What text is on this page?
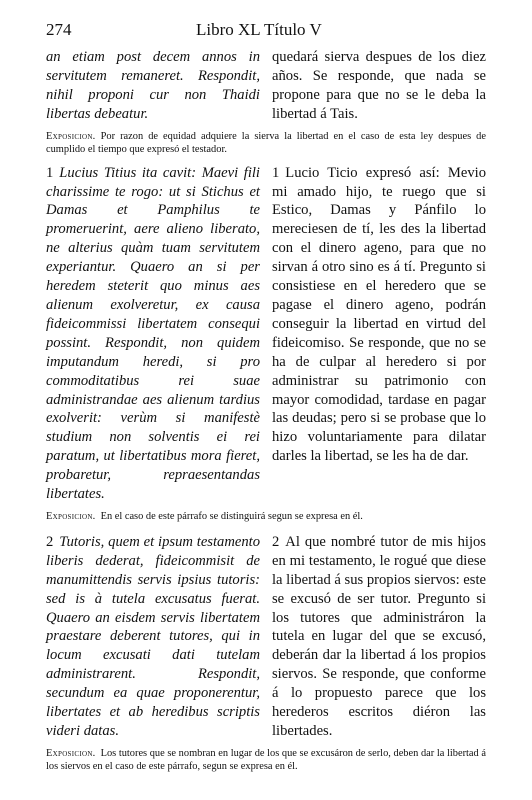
274	Libro XL Título V
an etiam post decem annos in servitutem remaneret. Respondit, nihil proponi cur non Thaidi libertas debeatur.
quedará sierva despues de los diez años. Se responde, que nada se propone para que no se le deba la libertad á Tais.
Exposicion. Por razon de equidad adquiere la sierva la libertad en el caso de esta ley despues de cumplido el tiempo que expresó el testador.
1 Lucius Titius ita cavit: Maevi fili charissime te rogo: ut si Stichus et Damas et Pamphilus te promeruerint, aere alieno liberato, ne alterius quàm tuam servitutem experiantur. Quaero an si per heredem steterit quo minus aes alienum exolveretur, ex causa fideicommissi libertatem consequi possint. Respondit, non quidem imputandum heredi, si pro commoditatibus rei suae administrandae aes alienum tardius exolverit: verùm si manifestè studium non solventis ei rei paratum, ut libertatibus mora fieret, probaretur, repraesentandas libertates.
1 Lucio Ticio expresó así: Mevio mi amado hijo, te ruego que si Estico, Damas y Pánfilo lo mereciesen de tí, les des la libertad con el dinero ageno, para que no sirvan á otro sino es á tí. Pregunto si consistiese en el heredero que se pagase el dinero ageno, podrán conseguir la libertad en virtud del fideicomiso. Se responde, que no se ha de culpar al heredero si por administrar su patrimonio con mayor comodidad, tardase en pagar las deudas; pero si se probase que lo hizo voluntariamente para dilatar darles la libertad, se les ha de dar.
Exposicion. En el caso de este párrafo se distinguirá segun se expresa en él.
2 Tutoris, quem et ipsum testamento liberis dederat, fideicommisit de manumittendis servis ipsius tutoris: sed is à tutela excusatus fuerat. Quaero an eisdem servis libertatem praestare deberent tutores, qui in locum excusati dati tutelam administrarent. Respondit, secundum ea quae proponerentur, libertates et ab heredibus scriptis videri datas.
2 Al que nombré tutor de mis hijos en mi testamento, le rogué que diese la libertad á sus propios siervos: este se excusó de ser tutor. Pregunto si los tutores que administráron la tutela en lugar del que se excusó, deberán dar la libertad á los propios siervos. Se responde, que conforme á lo propuesto parece que los herederos escritos diéron las libertades.
Exposicion. Los tutores que se nombran en lugar de los que se excusáron de serlo, deben dar la libertad á los siervos en el caso de este párrafo, segun se expresa en él.
